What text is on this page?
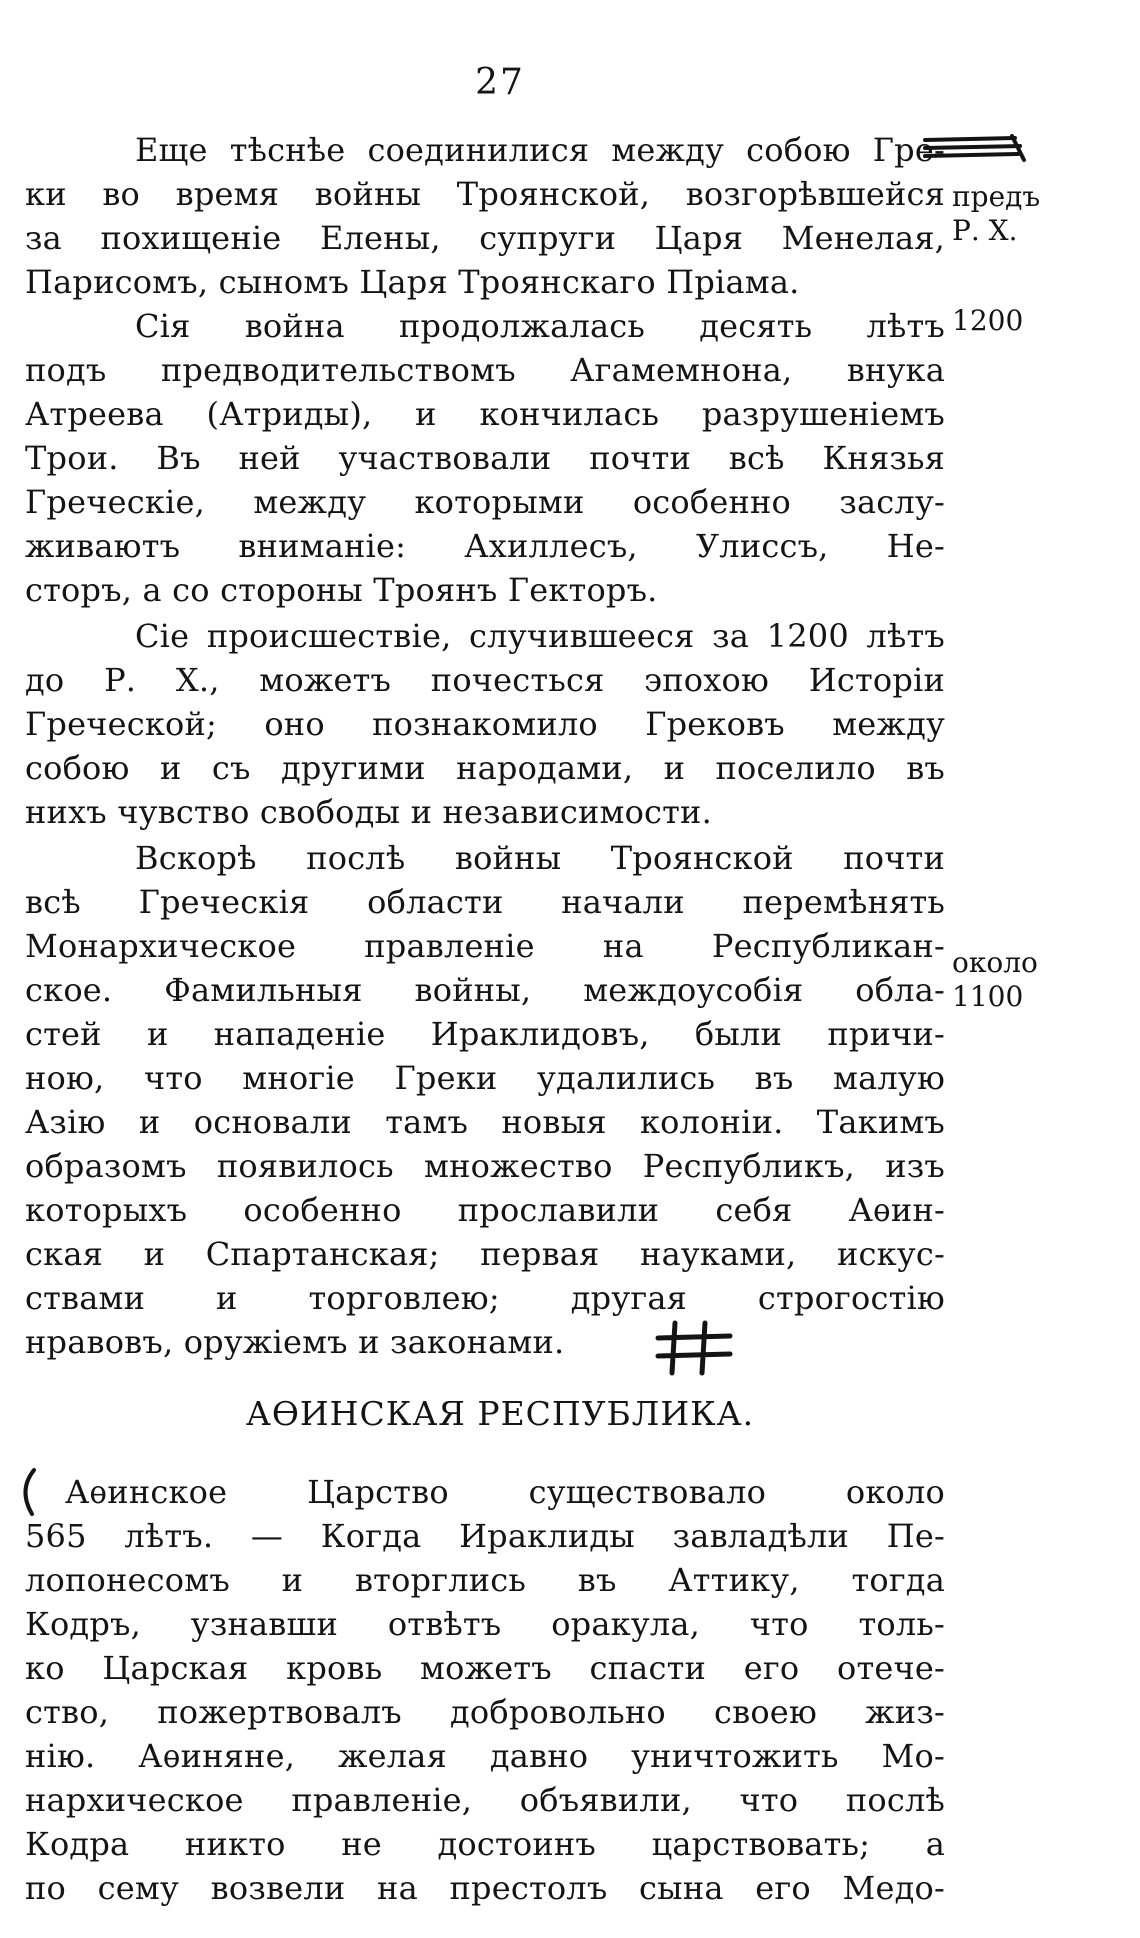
27
Еще тѣснѣе соединилися между собою Гре-
ки во время войны Троянской, возгорѣвшейся
за похищеніе Елены, супруги Царя Менелая,
Парисомъ, сыномъ Царя Троянскаго Пріама.
Сія война продолжалась десять лѣтъ
подъ предводительствомъ Агамемнона, внука
Атреева (Атриды), и кончилась разрушеніемъ
Трои. Въ ней участвовали почти всѣ Князья
Греческіе, между которыми особенно заслу-
живаютъ вниманіе: Ахиллесъ, Улиссъ, Не-
сторъ, а со стороны Троянъ Гекторъ.
Сіе происшествіе, случившееся за 1200 лѣтъ
до Р. Х., можетъ почесться эпохою Исторіи
Греческой; оно познакомило Грековъ между
собою и съ другими народами, и поселило въ
нихъ чувство свободы и независимости.
Вскорѣ послѣ войны Троянской почти
всѣ Греческія области начали перемѣнять
Монархическое правленіе на Республикан-
ское. Фамильныя войны, междоусобія обла-
стей и нападеніе Ираклидовъ, были причи-
ною, что многіе Греки удалились въ малую
Азію и основали тамъ новыя колоніи. Такимъ
образомъ появилось множество Республикъ, изъ
которыхъ особенно прославили себя Аѳин-
ская и Спартанская; первая науками, искус-
ствами и торговлею; другая строгостію
нравовъ, оружіемъ и законами.
АѲИНСКАЯ РЕСПУБЛИКА.
Аѳинское Царство существовало около
565 лѣтъ. — Когда Ираклиды завладѣли Пе-
лопонесомъ и вторглись въ Аттику, тогда
Кодръ, узнавши отвѣтъ оракула, что толь-
ко Царская кровь можетъ спасти его отече-
ство, пожертвовалъ добровольно своею жиз-
нію. Аѳиняне, желая давно уничтожить Мо-
нархическое правленіе, объявили, что послѣ
Кодра никто не достоинъ царствовать; а
по сему возвели на престолъ сына его Медо-
предъ
Р. Х.
1200
около
1100
